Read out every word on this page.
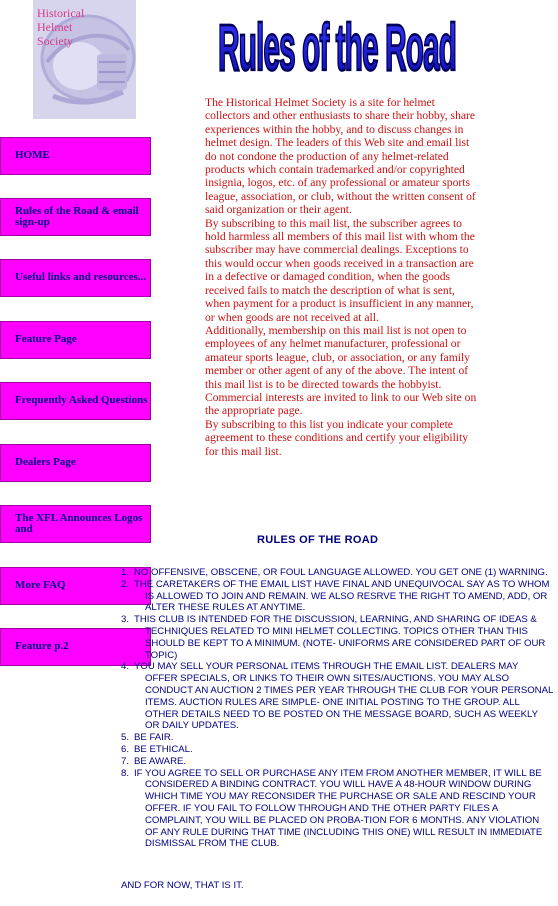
Historical
Helmet
Society	Rules of the Road

The Historical Helmet Society is a site for helmet collectors and other enthusiasts to share their hobby, share experiences within the hobby, and to discuss changes in helmet design. The leaders of this Web site and email list do not condone the production of any helmet-related products which contain trademarked and/or copyrighted insignia, logos, etc. of any professional or amateur sports league, association, or club, without the written consent of said organization or their agent.

By subscribing to this mail list, the subscriber agrees to hold harmless all members of this mail list with whom the subscriber may have commercial dealings. Exceptions to this would occur when goods received in a transaction are in a defective or damaged condition, when the goods received fails to match the description of what is sent, when payment for a product is insufficient in any manner, or when goods are not received at all.

Additionally, membership on this mail list is not open to employees of any helmet manufacturer, professional or amateur sports league, club, or association, or any family member or other agent of any of the above. The intent of this mail list is to be directed towards the hobbyist. Commercial interests are invited to link to our Web site on the appropriate page.

By subscribing to this list you indicate your complete agreement to these conditions and certify your eligibility for this mail list.

HOME
Rules of the Road & email sign-up
Useful links and resources...
Feature Page
Frequently Asked Questions
Dealers Page
The XFL Announces Logos and
More FAQ
Feature p.2
RULES OF THE ROAD
1. NO OFFENSIVE, OBSCENE, OR FOUL LANGUAGE ALLOWED. YOU GET ONE (1) WARNING.
2. THE CARETAKERS OF THE EMAIL LIST HAVE FINAL AND UNEQUIVOCAL SAY AS TO WHOM IS ALLOWED TO JOIN AND REMAIN. WE ALSO RESRVE THE RIGHT TO AMEND, ADD, OR ALTER THESE RULES AT ANYTIME.
3. THIS CLUB IS INTENDED FOR THE DISCUSSION, LEARNING, AND SHARING OF IDEAS & TECHNIQUES RELATED TO MINI HELMET COLLECTING. TOPICS OTHER THAN THIS SHOULD BE KEPT TO A MINIMUM. (NOTE- UNIFORMS ARE CONSIDERED PART OF OUR TOPIC)
4. YOU MAY SELL YOUR PERSONAL ITEMS THROUGH THE EMAIL LIST. DEALERS MAY OFFER SPECIALS, OR LINKS TO THEIR OWN SITES/AUCTIONS. YOU MAY ALSO CONDUCT AN AUCTION 2 TIMES PER YEAR THROUGH THE CLUB FOR YOUR PERSONAL ITEMS. AUCTION RULES ARE SIMPLE- ONE INITIAL POSTING TO THE GROUP. ALL OTHER DETAILS NEED TO BE POSTED ON THE MESSAGE BOARD, SUCH AS WEEKLY OR DAILY UPDATES.
5. BE FAIR.
6. BE ETHICAL.
7. BE AWARE.
8. IF YOU AGREE TO SELL OR PURCHASE ANY ITEM FROM ANOTHER MEMBER, IT WILL BE CONSIDERED A BINDING CONTRACT. YOU WILL HAVE A 48-HOUR WINDOW DURING WHICH TIME YOU MAY RECONSIDER THE PURCHASE OR SALE AND RESCIND YOUR OFFER. IF YOU FAIL TO FOLLOW THROUGH AND THE OTHER PARTY FILES A COMPLAINT, YOU WILL BE PLACED ON PROBA-TION FOR 6 MONTHS. ANY VIOLATION OF ANY RULE DURING THAT TIME (INCLUDING THIS ONE) WILL RESULT IN IMMEDIATE DISMISSAL FROM THE CLUB.
AND FOR NOW, THAT IS IT.
